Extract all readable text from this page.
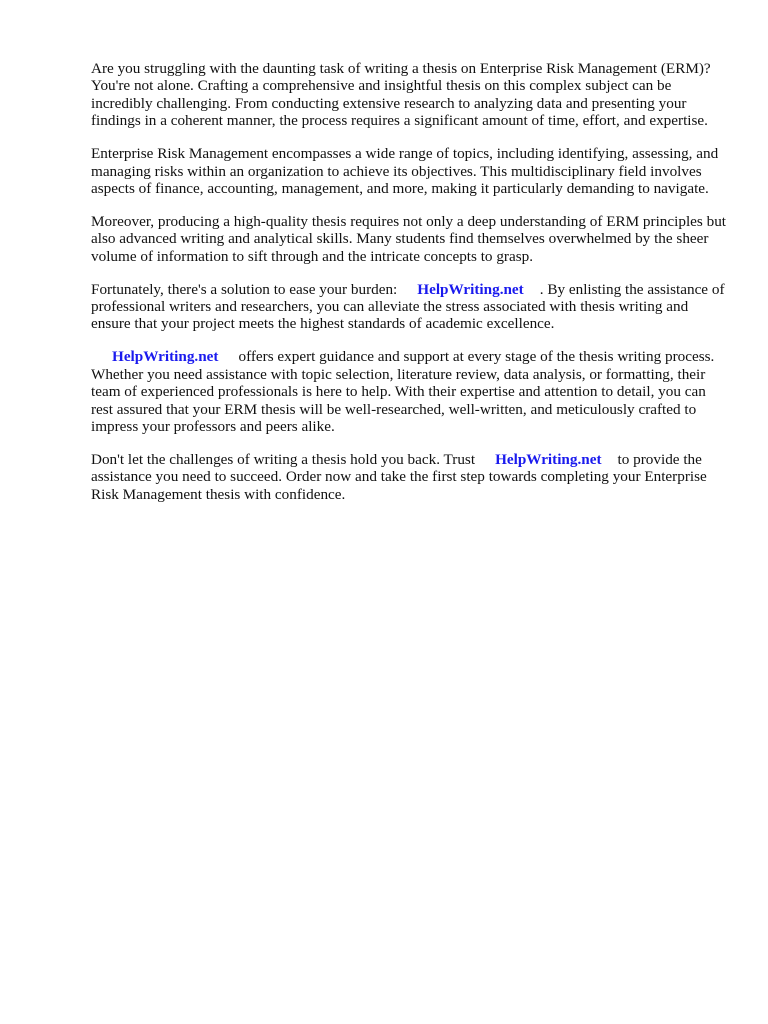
Are you struggling with the daunting task of writing a thesis on Enterprise Risk Management (ERM)? You're not alone. Crafting a comprehensive and insightful thesis on this complex subject can be incredibly challenging. From conducting extensive research to analyzing data and presenting your findings in a coherent manner, the process requires a significant amount of time, effort, and expertise.

Enterprise Risk Management encompasses a wide range of topics, including identifying, assessing, and managing risks within an organization to achieve its objectives. This multidisciplinary field involves aspects of finance, accounting, management, and more, making it particularly demanding to navigate.

Moreover, producing a high-quality thesis requires not only a deep understanding of ERM principles but also advanced writing and analytical skills. Many students find themselves overwhelmed by the sheer volume of information to sift through and the intricate concepts to grasp.

Fortunately, there's a solution to ease your burden: HelpWriting.net . By enlisting the assistance of professional writers and researchers, you can alleviate the stress associated with thesis writing and ensure that your project meets the highest standards of academic excellence.

HelpWriting.net offers expert guidance and support at every stage of the thesis writing process. Whether you need assistance with topic selection, literature review, data analysis, or formatting, their team of experienced professionals is here to help. With their expertise and attention to detail, you can rest assured that your ERM thesis will be well-researched, well-written, and meticulously crafted to impress your professors and peers alike.

Don't let the challenges of writing a thesis hold you back. Trust HelpWriting.net to provide the assistance you need to succeed. Order now and take the first step towards completing your Enterprise Risk Management thesis with confidence.
